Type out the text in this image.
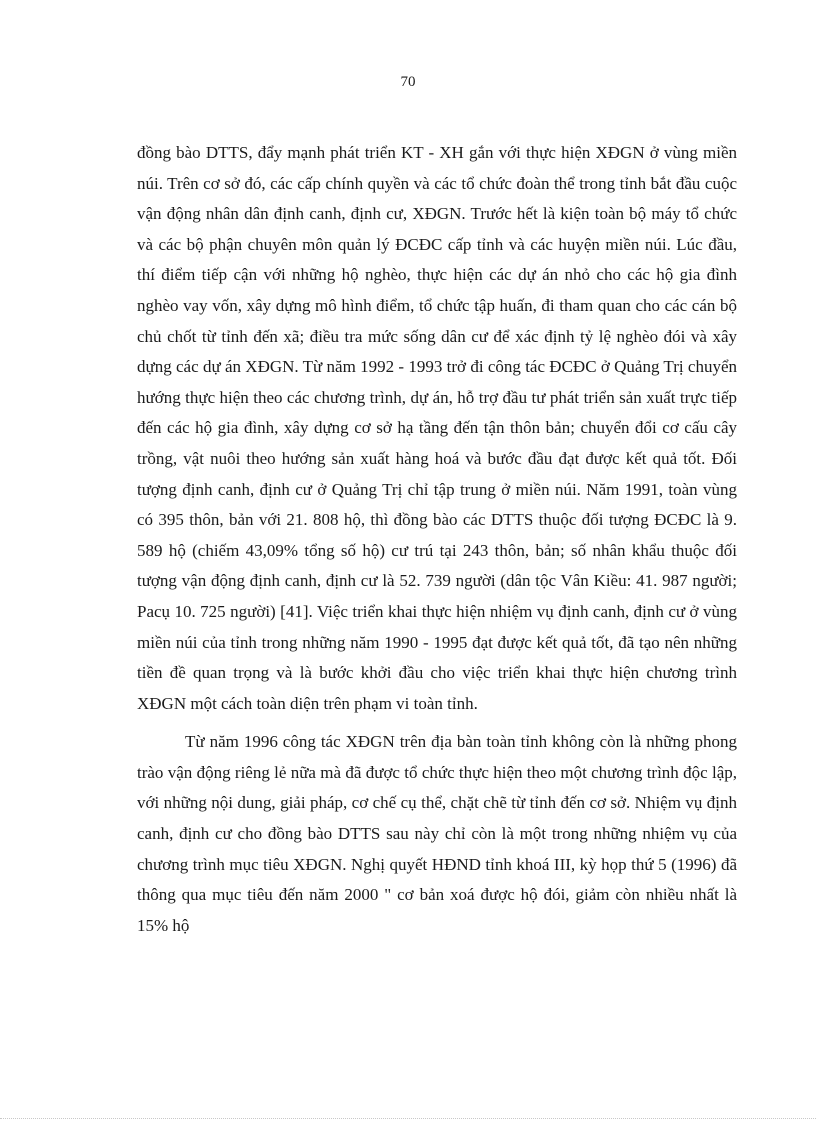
70

đồng bào DTTS, đẩy mạnh phát triển KT - XH gắn với thực hiện XĐGN ở vùng miền núi. Trên cơ sở đó, các cấp chính quyền và các tổ chức đoàn thể trong tỉnh bắt đầu cuộc vận động nhân dân định canh, định cư, XĐGN. Trước hết là kiện toàn bộ máy tổ chức và các bộ phận chuyên môn quản lý ĐCĐC cấp tỉnh và các huyện miền núi. Lúc đầu, thí điểm tiếp cận với những hộ nghèo, thực hiện các dự án nhỏ cho các hộ gia đình nghèo vay vốn, xây dựng mô hình điểm, tổ chức tập huấn, đi tham quan cho các cán bộ chủ chốt từ tỉnh đến xã; điều tra mức sống dân cư để xác định tỷ lệ nghèo đói và xây dựng các dự án XĐGN. Từ năm 1992 - 1993 trở đi công tác ĐCĐC ở Quảng Trị chuyển hướng thực hiện theo các chương trình, dự án, hỗ trợ đầu tư phát triển sản xuất trực tiếp đến các hộ gia đình, xây dựng cơ sở hạ tầng đến tận thôn bản; chuyển đổi cơ cấu cây trồng, vật nuôi theo hướng sản xuất hàng hoá và bước đầu đạt được kết quả tốt. Đối tượng định canh, định cư ở Quảng Trị chỉ tập trung ở miền núi. Năm 1991, toàn vùng có 395 thôn, bản với 21. 808 hộ, thì đồng bào các DTTS thuộc đối tượng ĐCĐC là 9. 589 hộ (chiếm 43,09% tổng số hộ) cư trú tại 243 thôn, bản; số nhân khẩu thuộc đối tượng vận động định canh, định cư là 52. 739 người (dân tộc Vân Kiều: 41. 987 người; Pacụ 10. 725 người) [41]. Việc triển khai thực hiện nhiệm vụ định canh, định cư ở vùng miền núi của tỉnh trong những năm 1990 - 1995 đạt được kết quả tốt, đã tạo nên những tiền đề quan trọng và là bước khởi đầu cho việc triển khai thực hiện chương trình XĐGN một cách toàn diện trên phạm vi toàn tỉnh.

Từ năm 1996 công tác XĐGN trên địa bàn toàn tỉnh không còn là những phong trào vận động riêng lẻ nữa mà đã được tổ chức thực hiện theo một chương trình độc lập, với những nội dung, giải pháp, cơ chế cụ thể, chặt chẽ từ tỉnh đến cơ sở. Nhiệm vụ định canh, định cư cho đồng bào DTTS sau này chỉ còn là một trong những nhiệm vụ của chương trình mục tiêu XĐGN. Nghị quyết HĐND tỉnh khoá III, kỳ họp thứ 5 (1996) đã thông qua mục tiêu đến năm 2000 " cơ bản xoá được hộ đói, giảm còn nhiều nhất là 15% hộ
